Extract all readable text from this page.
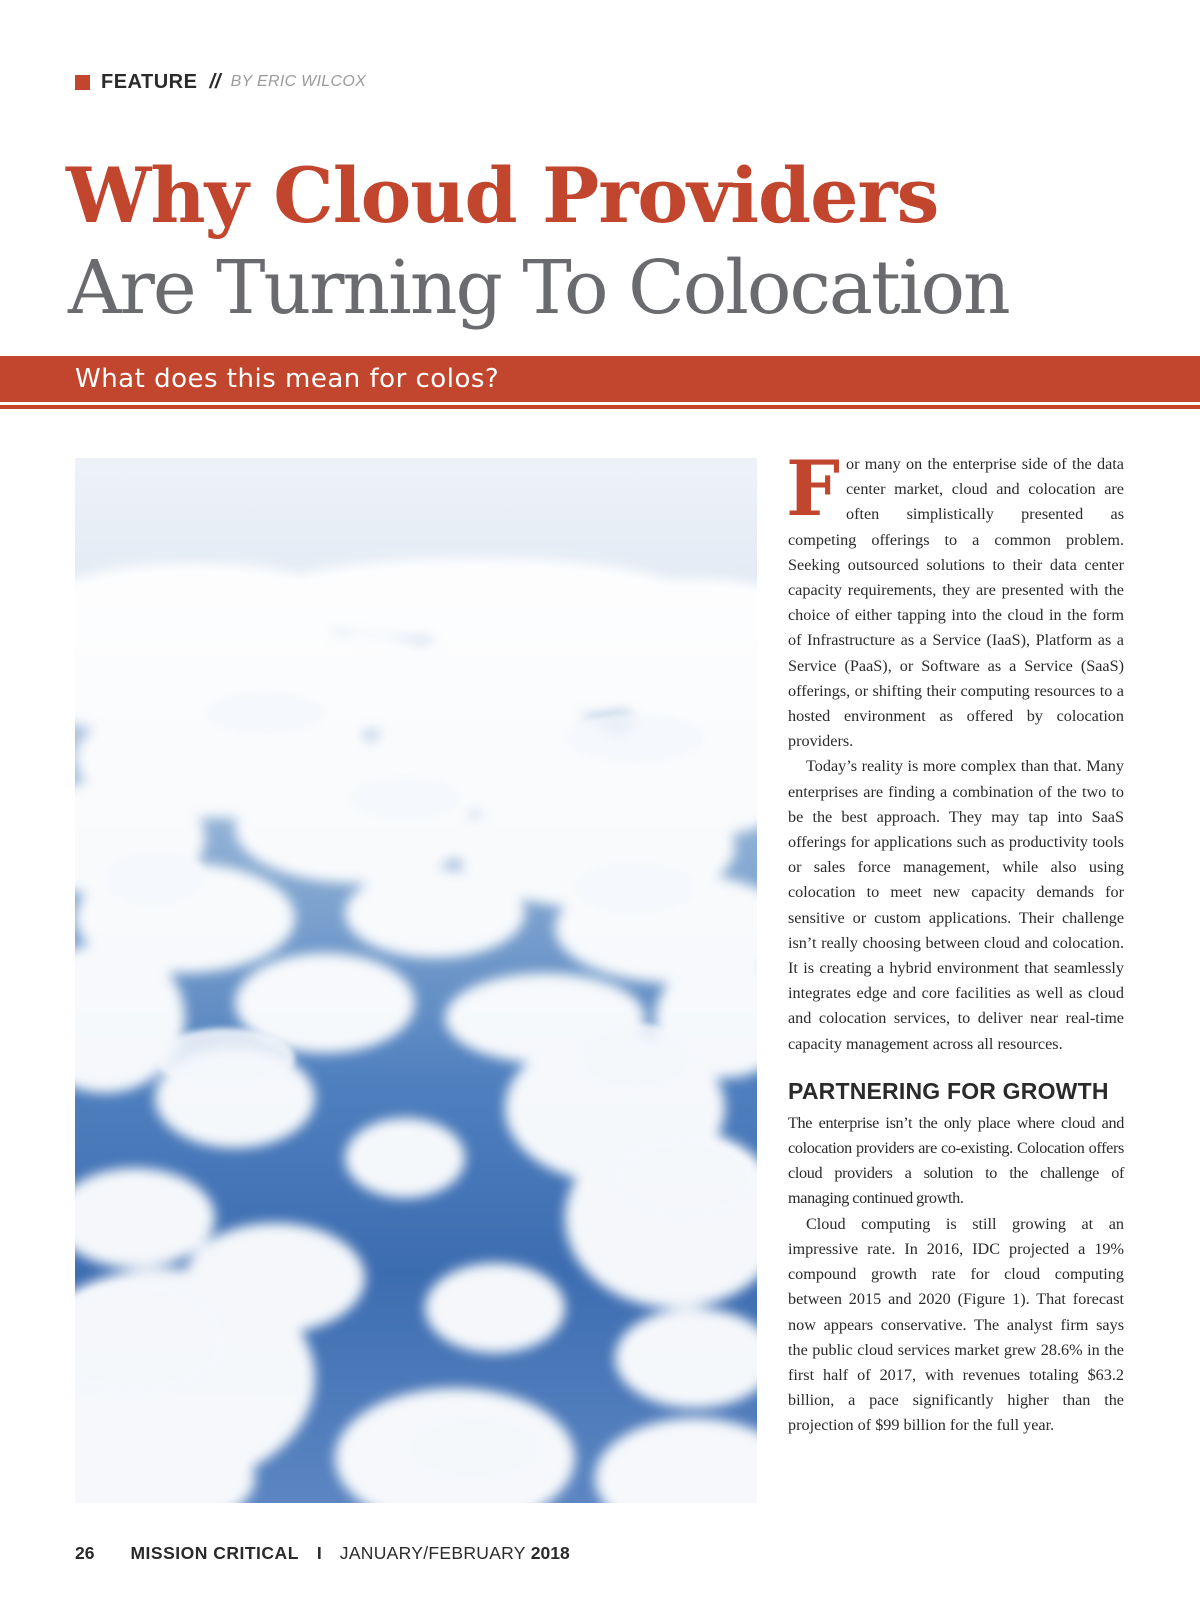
FEATURE // BY ERIC WILCOX
Why Cloud Providers
Are Turning To Colocation
What does this mean for colos?

For many on the enterprise side of the data center market, cloud and colocation are often simplistically presented as competing offerings to a common problem. Seeking outsourced solutions to their data center capacity requirements, they are presented with the choice of either tapping into the cloud in the form of Infrastructure as a Service (IaaS), Platform as a Service (PaaS), or Software as a Service (SaaS) offerings, or shifting their computing resources to a hosted environment as offered by colocation providers.

Today’s reality is more complex than that. Many enterprises are finding a combination of the two to be the best approach. They may tap into SaaS offerings for applications such as productivity tools or sales force management, while also using colocation to meet new capacity demands for sensitive or custom applications. Their challenge isn’t really choosing between cloud and colocation. It is creating a hybrid environment that seamlessly integrates edge and core facilities as well as cloud and colocation services, to deliver near real-time capacity management across all resources.

PARTNERING FOR GROWTH

The enterprise isn’t the only place where cloud and colocation providers are co-existing. Colocation offers cloud providers a solution to the challenge of managing continued growth.

Cloud computing is still growing at an impressive rate. In 2016, IDC projected a 19% compound growth rate for cloud computing between 2015 and 2020 (Figure 1). That forecast now appears conservative. The analyst firm says the public cloud services market grew 28.6% in the first half of 2017, with revenues totaling $63.2 billion, a pace significantly higher than the projection of $99 billion for the full year.

26 MISSION CRITICAL I JANUARY/FEBRUARY 2018
